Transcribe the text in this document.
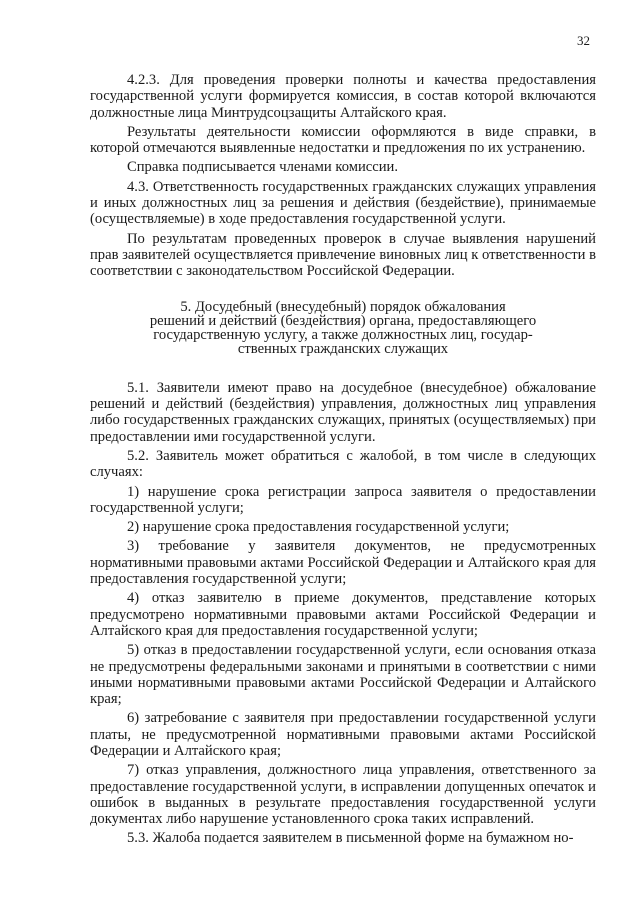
32

4.2.3. Для проведения проверки полноты и качества предоставления государственной услуги формируется комиссия, в состав которой включаются должностные лица Минтрудсоцзащиты Алтайского края.

Результаты деятельности комиссии оформляются в виде справки, в которой отмечаются выявленные недостатки и предложения по их устранению.

Справка подписывается членами комиссии.

4.3. Ответственность государственных гражданских служащих управления и иных должностных лиц за решения и действия (бездействие), принимаемые (осуществляемые) в ходе предоставления государственной услуги.

По результатам проведенных проверок в случае выявления нарушений прав заявителей осуществляется привлечение виновных лиц к ответственности в соответствии с законодательством Российской Федерации.

5. Досудебный (внесудебный) порядок обжалования
решений и действий (бездействия) органа, предоставляющего
государственную услугу, а также должностных лиц, государ-
ственных гражданских служащих

5.1. Заявители имеют право на досудебное (внесудебное) обжалование решений и действий (бездействия) управления, должностных лиц управления либо государственных гражданских служащих, принятых (осуществляемых) при предоставлении ими государственной услуги.

5.2. Заявитель может обратиться с жалобой, в том числе в следующих случаях:

1) нарушение срока регистрации запроса заявителя о предоставлении государственной услуги;

2) нарушение срока предоставления государственной услуги;

3) требование у заявителя документов, не предусмотренных нормативными правовыми актами Российской Федерации и Алтайского края для предоставления государственной услуги;

4) отказ заявителю в приеме документов, представление которых предусмотрено нормативными правовыми актами Российской Федерации и Алтайского края для предоставления государственной услуги;

5) отказ в предоставлении государственной услуги, если основания отказа не предусмотрены федеральными законами и принятыми в соответствии с ними иными нормативными правовыми актами Российской Федерации и Алтайского края;

6) затребование с заявителя при предоставлении государственной услуги платы, не предусмотренной нормативными правовыми актами Российской Федерации и Алтайского края;

7) отказ управления, должностного лица управления, ответственного за предоставление государственной услуги, в исправлении допущенных опечаток и ошибок в выданных в результате предоставления государственной услуги документах либо нарушение установленного срока таких исправлений.

5.3. Жалоба подается заявителем в письменной форме на бумажном но-
